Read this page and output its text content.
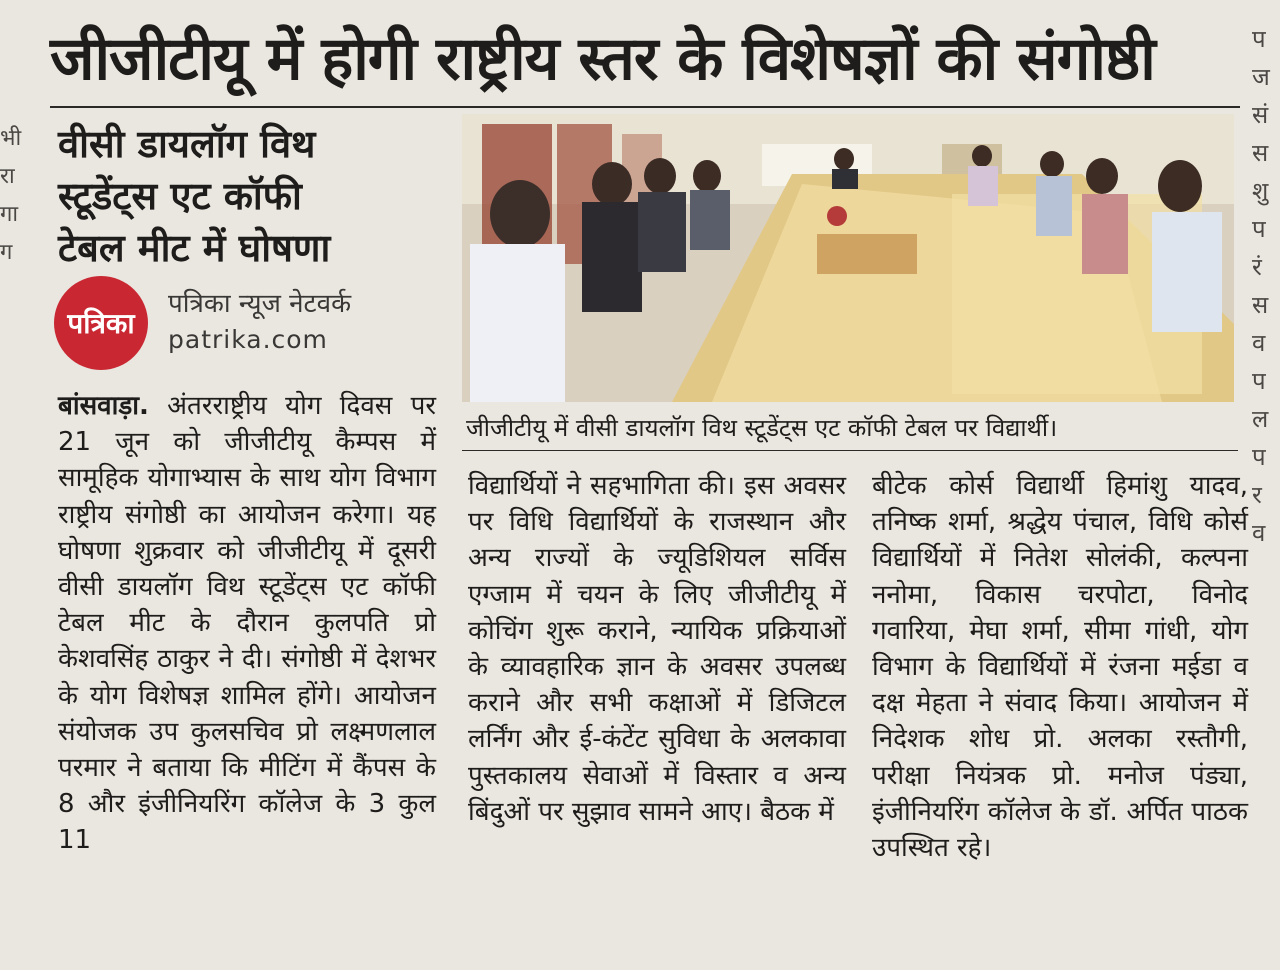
भी
रा
गा
ग
जीजीटीयू में होगी राष्ट्रीय स्तर के विशेषज्ञों की संगोष्ठी
वीसी डायलॉग विथ
स्टूडेंट्स एट कॉफी
टेबल मीट में घोषणा
पत्रिका
पत्रिका न्यूज नेटवर्क
patrika.com
जीजीटीयू में वीसी डायलॉग विथ स्टूडेंट्स एट कॉफी टेबल पर विद्यार्थी।
बांसवाड़ा. अंतरराष्ट्रीय योग दिवस पर 21 जून को जीजीटीयू कैम्पस में सामूहिक योगाभ्यास के साथ योग विभाग राष्ट्रीय संगोष्ठी का आयोजन करेगा। यह घोषणा शुक्रवार को जीजीटीयू में दूसरी वीसी डायलॉग विथ स्टूडेंट्स एट कॉफी टेबल मीट के दौरान कुलपति प्रो केशवसिंह ठाकुर ने दी। संगोष्ठी में देशभर के योग विशेषज्ञ शामिल होंगे। आयोजन संयोजक उप कुलसचिव प्रो लक्ष्मणलाल परमार ने बताया कि मीटिंग में कैंपस के 8 और इंजीनियरिंग कॉलेज के 3 कुल 11
विद्यार्थियों ने सहभागिता की। इस अवसर पर विधि विद्यार्थियों के राजस्थान और अन्य राज्यों के ज्यूडिशियल सर्विस एग्जाम में चयन के लिए जीजीटीयू में कोचिंग शुरू कराने, न्यायिक प्रक्रियाओं के व्यावहारिक ज्ञान के अवसर उपलब्ध कराने और सभी कक्षाओं में डिजिटल लर्निंग और ई-कंटेंट सुविधा के अलकावा पुस्तकालय सेवाओं में विस्तार व अन्य बिंदुओं पर सुझाव सामने आए। बैठक में
बीटेक कोर्स विद्यार्थी हिमांशु यादव, तनिष्क शर्मा, श्रद्धेय पंचाल, विधि कोर्स विद्यार्थियों में नितेश सोलंकी, कल्पना ननोमा, विकास चरपोटा, विनोद गवारिया, मेघा शर्मा, सीमा गांधी, योग विभाग के विद्यार्थियों में रंजना मईडा व दक्ष मेहता ने संवाद किया। आयोजन में निदेशक शोध प्रो. अलका रस्तौगी, परीक्षा नियंत्रक प्रो. मनोज पंड्या, इंजीनियरिंग कॉलेज के डॉ. अर्पित पाठक उपस्थित रहे।
प
ज
सं
स
शु
प
रं
स
व
प
ल
प
र
व
